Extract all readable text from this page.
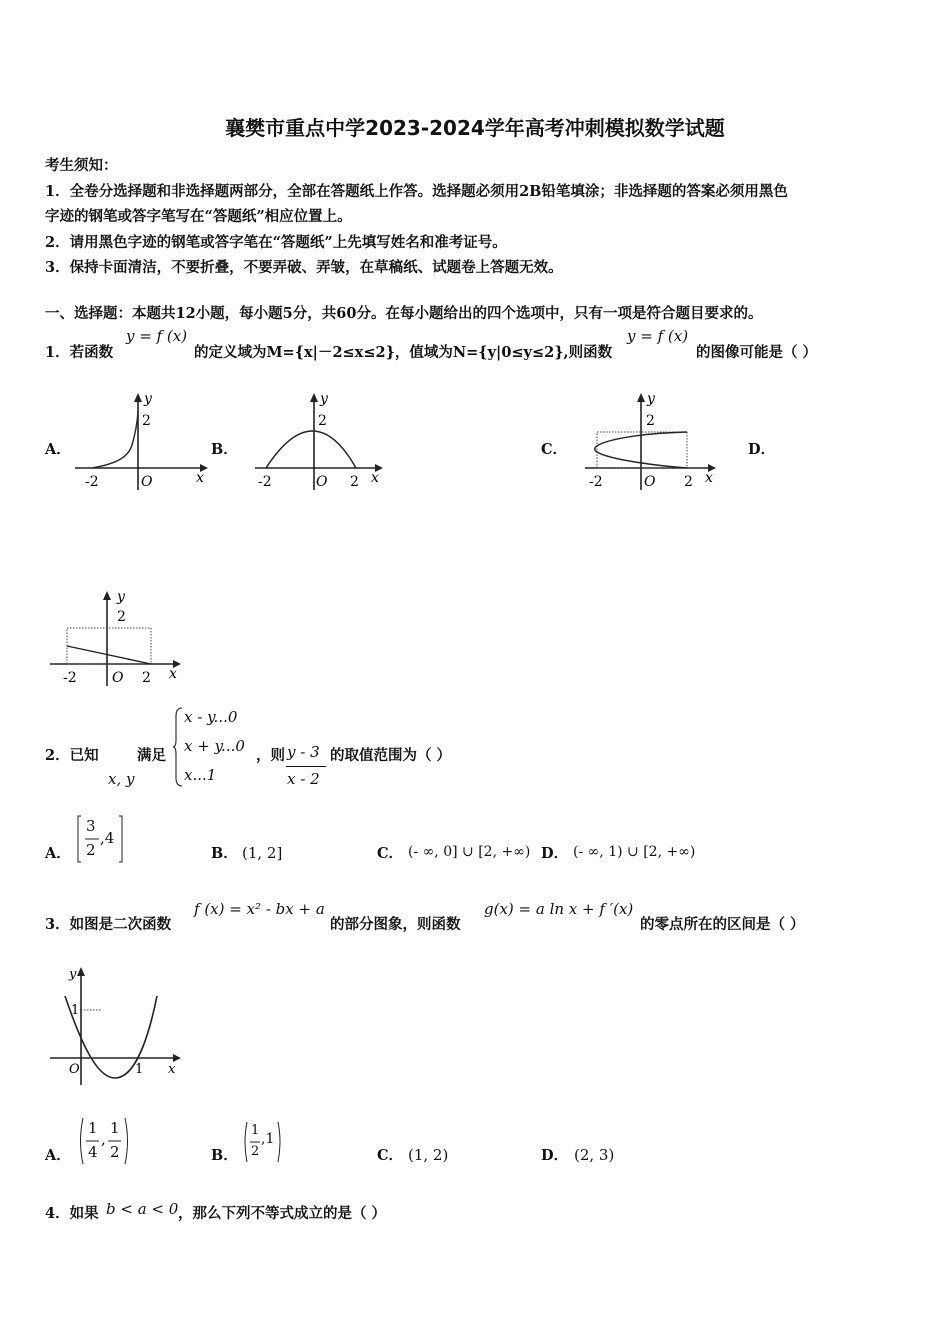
襄樊市重点中学2023-2024学年高考冲刺模拟数学试题
考生须知：
1．全卷分选择题和非选择题两部分，全部在答题纸上作答。选择题必须用2B铅笔填涂；非选择题的答案必须用黑色
字迹的钢笔或答字笔写在“答题纸”相应位置上。
2．请用黑色字迹的钢笔或答字笔在“答题纸”上先填写姓名和准考证号。
3．保持卡面清洁，不要折叠，不要弄破、弄皱，在草稿纸、试题卷上答题无效。
一、选择题：本题共12小题，每小题5分，共60分。在每小题给出的四个选项中，只有一项是符合题目要求的。
1．若函数
y = f (x)
的定义域为M={x|－2≤x≤2}，值域为N={y|0≤y≤2},则函数
y = f (x)
的图像可能是（ ）
A．	B．	C．	D．
y
2
-2	O	x
y
2
-2	O 2 x
y
2
-2	O 2 x
y
2
-2	O 2 x
2．已知
x, y
满足
x - y...0
x + y...0
x...1
，则 y - 3
x - 2
的取值范围为（ ）
A．
3
2
,4
B． (1, 2]	C． (- ∞, 0] ∪ [2, +∞) D． (- ∞, 1) ∪ [2, +∞)
3．如图是二次函数
f (x) = x² - bx + a
的部分图象，则函数
g(x) = a ln x + f ′(x)
的零点所在的区间是（ ）
y
1
O	1 x
A．
1
4
,
1
2	B．
1
2
,1
C． (1, 2)	D． (2, 3)
4．如果 b < a < 0 ，那么下列不等式成立的是（ ）
